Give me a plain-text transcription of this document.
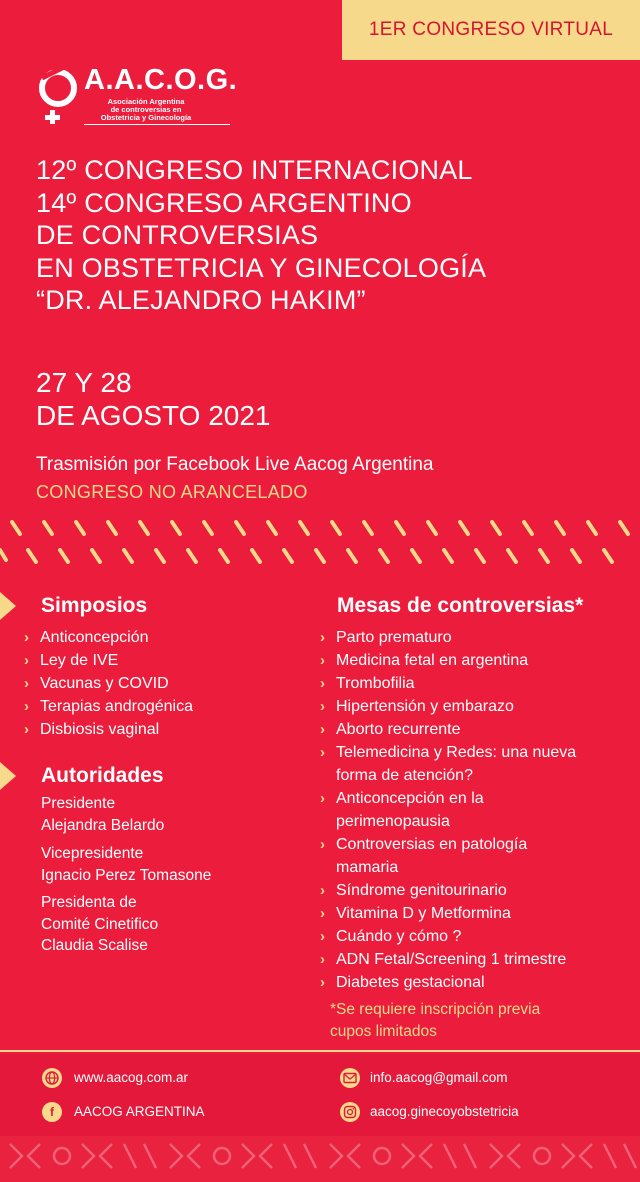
1ER CONGRESO VIRTUAL
A.A.C.O.G.
Asociación Argentina
de controversias en
Obstetricia y Ginecología
12º CONGRESO INTERNACIONAL
14º CONGRESO ARGENTINO
DE CONTROVERSIAS
EN OBSTETRICIA Y GINECOLOGÍA
“DR. ALEJANDRO HAKIM”
27 Y 28
DE AGOSTO 2021
Trasmisión por Facebook Live Aacog Argentina
CONGRESO NO ARANCELADO
Simposios
› Anticoncepción
› Ley de IVE
› Vacunas y COVID
› Terapias androgénica
› Disbiosis vaginal
Autoridades
Presidente
Alejandra Belardo
Vicepresidente
Ignacio Perez Tomasone
Presidenta de
Comité Cinetifico
Claudia Scalise
Mesas de controversias*
› Parto prematuro
› Medicina fetal en argentina
› Trombofilia
› Hipertensión y embarazo
› Aborto recurrente
› Telemedicina y Redes: una nueva
forma de atención?
› Anticoncepción en la
perimenopausia
› Controversias en patología
mamaria
› Síndrome genitourinario
› Vitamina D y Metformina
› Cuándo y cómo ?
› ADN Fetal/Screening 1 trimestre
› Diabetes gestacional
*Se requiere inscripción previa
cupos limitados
www.aacog.com.ar	info.aacog@gmail.com
f	AACOG ARGENTINA	aacog.ginecoyobstetricia
